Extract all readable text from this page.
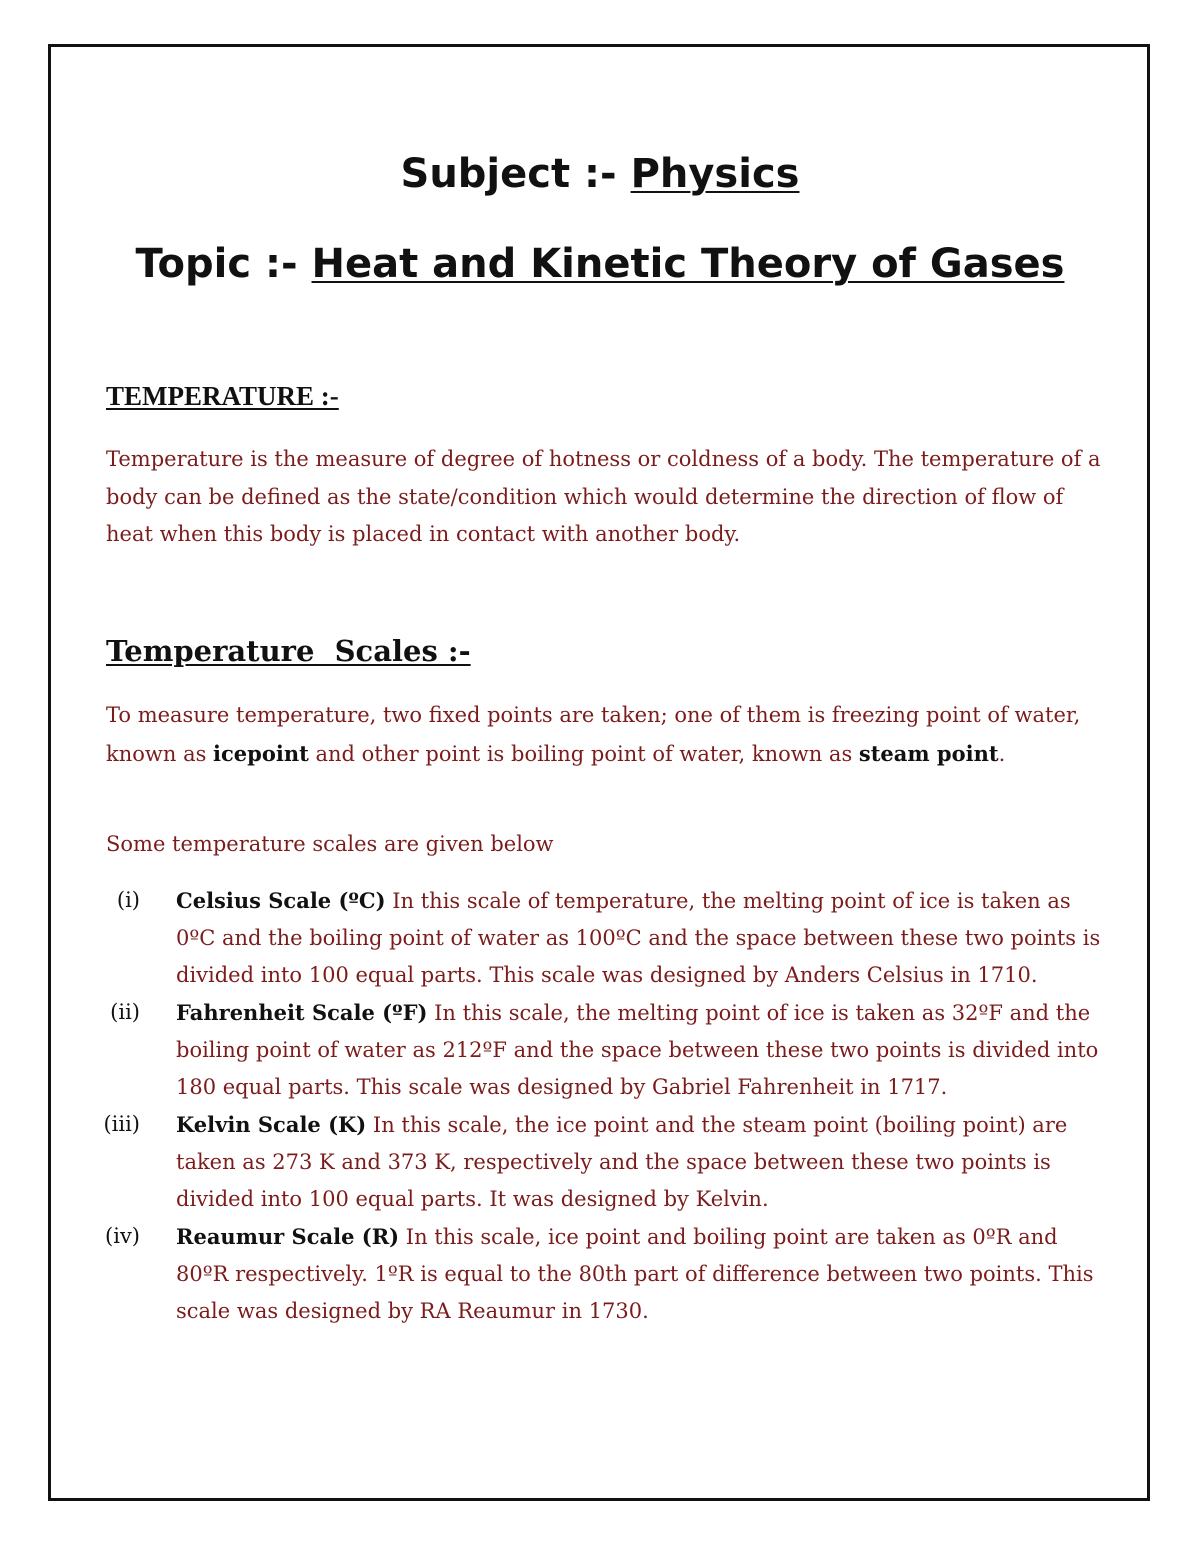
Subject :- Physics
Topic :- Heat and Kinetic Theory of Gases
TEMPERATURE :-

Temperature is the measure of degree of hotness or coldness of a body. The temperature of a body can be defined as the state/condition which would determine the direction of flow of heat when this body is placed in contact with another body.

Temperature  Scales :-

To measure temperature, two fixed points are taken; one of them is freezing point of water, known as icepoint and other point is boiling point of water, known as steam point.

Some temperature scales are given below

(i)	Celsius Scale (ºC) In this scale of temperature, the melting point of ice is taken as 0ºC and the boiling point of water as 100ºC and the space between these two points is divided into 100 equal parts. This scale was designed by Anders Celsius in 1710.
(ii)	Fahrenheit Scale (ºF) In this scale, the melting point of ice is taken as 32ºF and the boiling point of water as 212ºF and the space between these two points is divided into 180 equal parts. This scale was designed by Gabriel Fahrenheit in 1717.
(iii)	Kelvin Scale (K) In this scale, the ice point and the steam point (boiling point) are taken as 273 K and 373 K, respectively and the space between these two points is divided into 100 equal parts. It was designed by Kelvin.
(iv)	Reaumur Scale (R) In this scale, ice point and boiling point are taken as 0ºR and 80ºR respectively. 1ºR is equal to the 80th part of difference between two points. This scale was designed by RA Reaumur in 1730.
